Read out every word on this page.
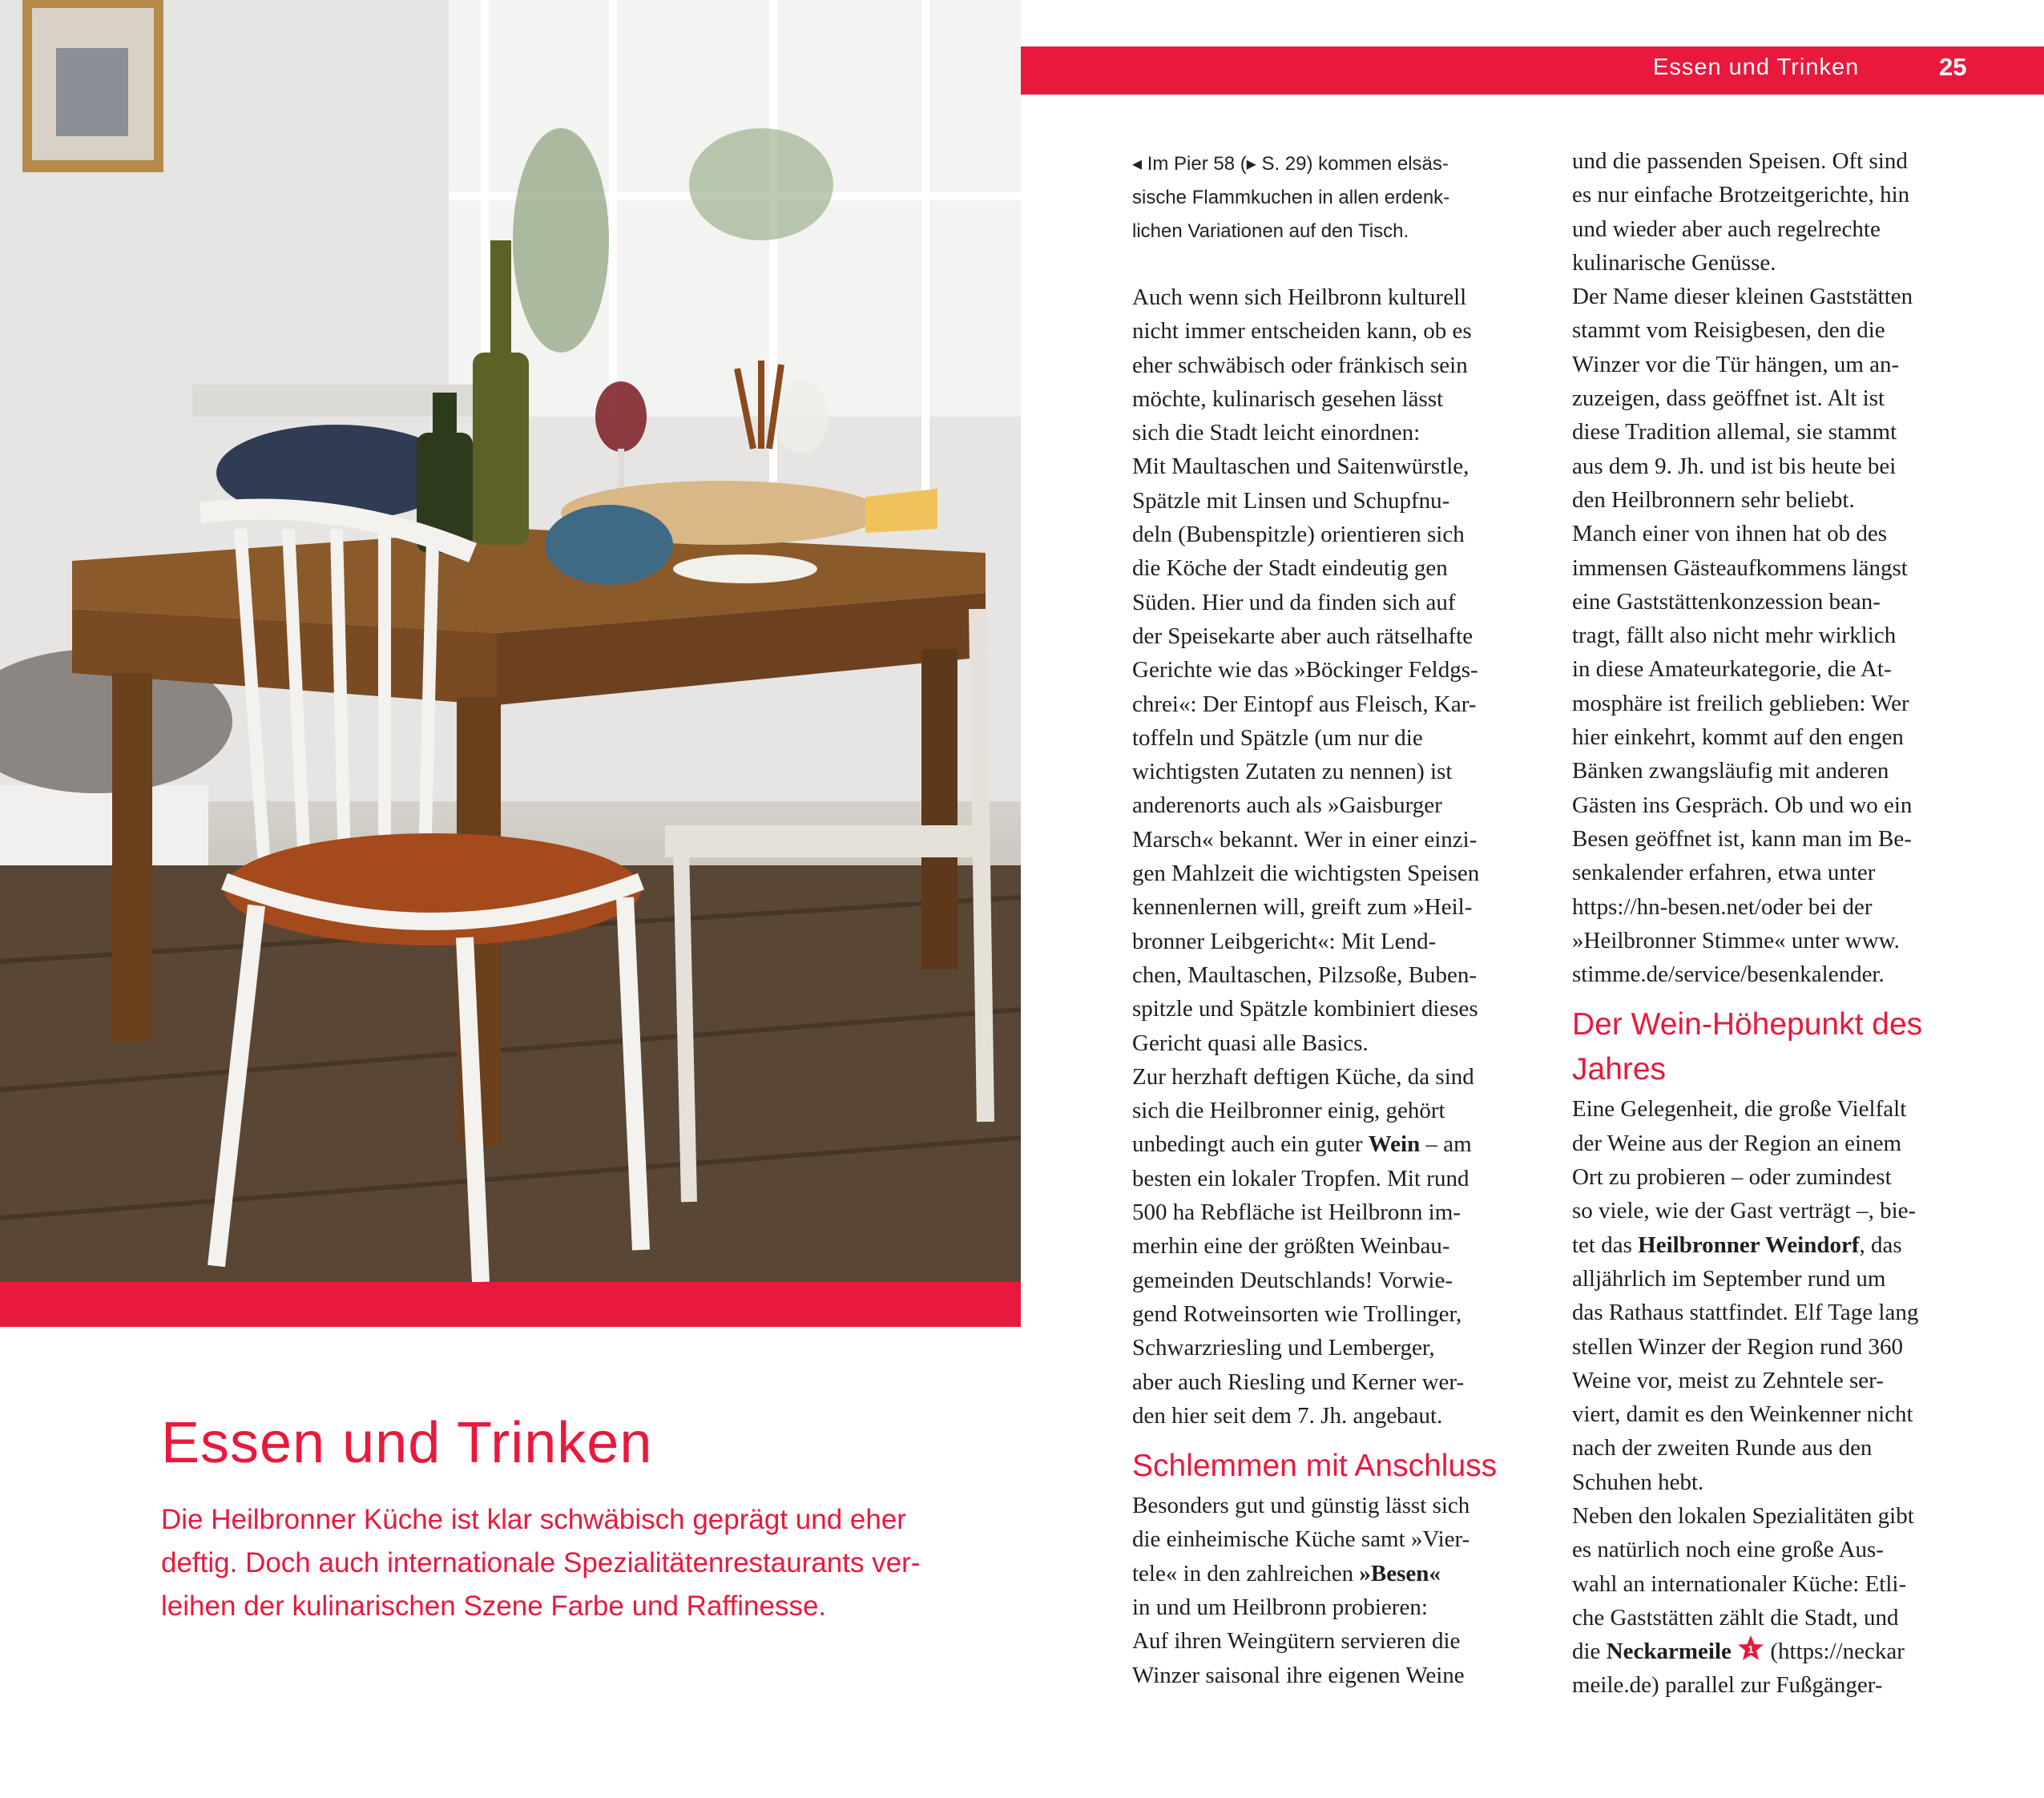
Essen und Trinken
Die Heilbronner Küche ist klar schwäbisch geprägt und eher
deftig. Doch auch internationale Spezialitätenrestaurants ver-
leihen der kulinarischen Szene Farbe und Raffinesse.
Essen und Trinken	25
◂ Im Pier 58 (▸ S. 29) kommen elsäs-
sische Flammkuchen in allen erdenk-
lichen Variationen auf den Tisch.
Auch wenn sich Heilbronn kulturell
nicht immer entscheiden kann, ob es
eher schwäbisch oder fränkisch sein
möchte, kulinarisch gesehen lässt
sich die Stadt leicht einordnen:
Mit Maultaschen und Saitenwürstle,
Spätzle mit Linsen und Schupfnu-
deln (Bubenspitzle) orientieren sich
die Köche der Stadt eindeutig gen
Süden. Hier und da finden sich auf
der Speisekarte aber auch rätselhafte
Gerichte wie das »Böckinger Feldgs-
chrei«: Der Eintopf aus Fleisch, Kar-
toffeln und Spätzle (um nur die
wichtigsten Zutaten zu nennen) ist
anderenorts auch als »Gaisburger
Marsch« bekannt. Wer in einer einzi-
gen Mahlzeit die wichtigsten Speisen
kennenlernen will, greift zum »Heil-
bronner Leibgericht«: Mit Lend-
chen, Maultaschen, Pilzsoße, Buben-
spitzle und Spätzle kombiniert dieses
Gericht quasi alle Basics.
Zur herzhaft deftigen Küche, da sind
sich die Heilbronner einig, gehört
unbedingt auch ein guter Wein – am
besten ein lokaler Tropfen. Mit rund
500 ha Rebfläche ist Heilbronn im-
merhin eine der größten Weinbau-
gemeinden Deutschlands! Vorwie-
gend Rotweinsorten wie Trollinger,
Schwarzriesling und Lemberger,
aber auch Riesling und Kerner wer-
den hier seit dem 7. Jh. angebaut.
Schlemmen mit Anschluss
Besonders gut und günstig lässt sich
die einheimische Küche samt »Vier-
tele« in den zahlreichen »Besen«
in und um Heilbronn probieren:
Auf ihren Weingütern servieren die
Winzer saisonal ihre eigenen Weine
und die passenden Speisen. Oft sind
es nur einfache Brotzeitgerichte, hin
und wieder aber auch regelrechte
kulinarische Genüsse.
Der Name dieser kleinen Gaststätten
stammt vom Reisigbesen, den die
Winzer vor die Tür hängen, um an-
zuzeigen, dass geöffnet ist. Alt ist
diese Tradition allemal, sie stammt
aus dem 9. Jh. und ist bis heute bei
den Heilbronnern sehr beliebt.
Manch einer von ihnen hat ob des
immensen Gästeaufkommens längst
eine Gaststättenkonzession bean-
tragt, fällt also nicht mehr wirklich
in diese Amateurkategorie, die At-
mosphäre ist freilich geblieben: Wer
hier einkehrt, kommt auf den engen
Bänken zwangsläufig mit anderen
Gästen ins Gespräch. Ob und wo ein
Besen geöffnet ist, kann man im Be-
senkalender erfahren, etwa unter
https://hn-besen.net/oder bei der
»Heilbronner Stimme« unter www.
stimme.de/service/besenkalender.
Der Wein-Höhepunkt des
Jahres
Eine Gelegenheit, die große Vielfalt
der Weine aus der Region an einem
Ort zu probieren – oder zumindest
so viele, wie der Gast verträgt –, bie-
tet das Heilbronner Weindorf, das
alljährlich im September rund um
das Rathaus stattfindet. Elf Tage lang
stellen Winzer der Region rund 360
Weine vor, meist zu Zehntele ser-
viert, damit es den Weinkenner nicht
nach der zweiten Runde aus den
Schuhen hebt.
Neben den lokalen Spezialitäten gibt
es natürlich noch eine große Aus-
wahl an internationaler Küche: Etli-
che Gaststätten zählt die Stadt, und
die Neckarmeile 1 (https://neckar
meile.de) parallel zur Fußgänger-
